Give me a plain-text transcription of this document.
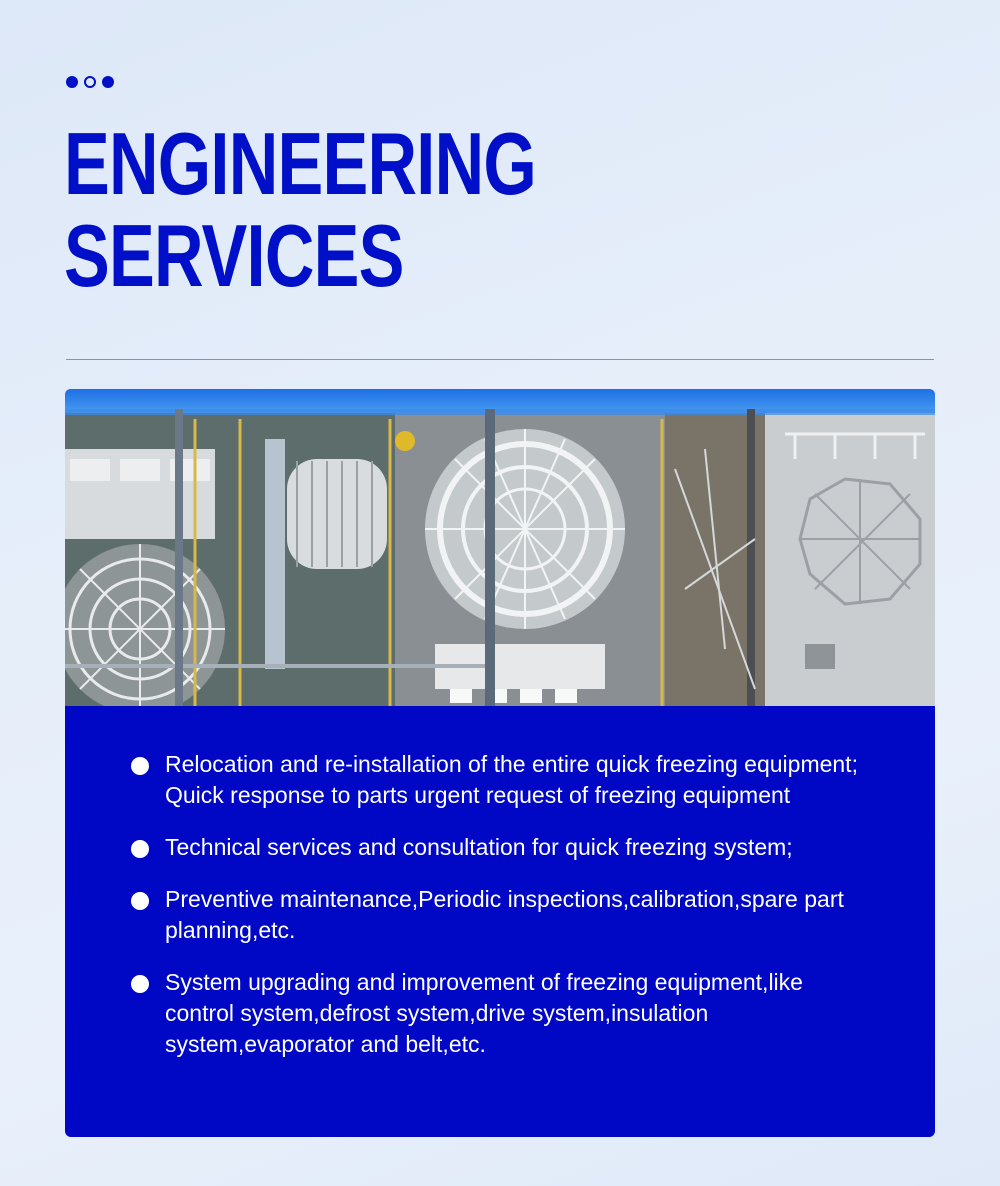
ENGINEERING
SERVICES
Relocation and re-installation of the entire quick freezing equipment; Quick response to parts urgent request of freezing equipment
Technical services and consultation for quick freezing system;
Preventive maintenance,Periodic inspections,calibration,spare part planning,etc.
System upgrading and improvement of freezing equipment,like control system,defrost system,drive system,insulation system,evaporator and belt,etc.
